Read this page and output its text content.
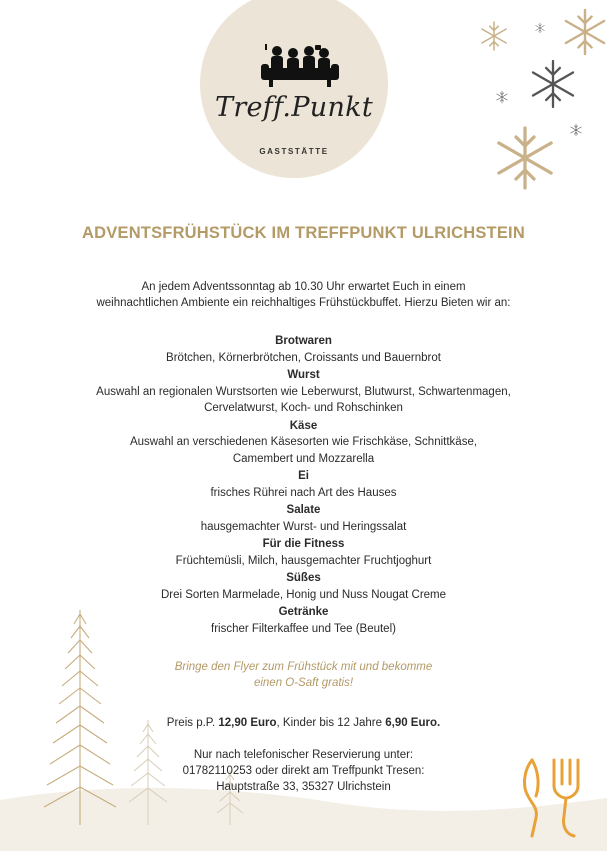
Treff.Punkt
GASTSTÄTTE
ADVENTSFRÜHSTÜCK IM TREFFPUNKT ULRICHSTEIN
An jedem Adventssonntag ab 10.30 Uhr erwartet Euch in einem
weihnachtlichen Ambiente ein reichhaltiges Frühstückbuffet. Hierzu Bieten wir an:
Brotwaren
Brötchen, Körnerbrötchen, Croissants und Bauernbrot
Wurst
Auswahl an regionalen Wurstsorten wie Leberwurst, Blutwurst, Schwartenmagen,
Cervelatwurst, Koch- und Rohschinken
Käse
Auswahl an verschiedenen Käsesorten wie Frischkäse, Schnittkäse,
Camembert und Mozzarella
Ei
frisches Rührei nach Art des Hauses
Salate
hausgemachter Wurst- und Heringssalat
Für die Fitness
Früchtemüsli, Milch, hausgemachter Fruchtjoghurt
Süßes
Drei Sorten Marmelade, Honig und Nuss Nougat Creme
Getränke
frischer Filterkaffee und Tee (Beutel)
Bringe den Flyer zum Frühstück mit und bekomme
einen O-Saft gratis!
Preis p.P. 12,90 Euro, Kinder bis 12 Jahre 6,90 Euro.
Nur nach telefonischer Reservierung unter:
01782110253 oder direkt am Treffpunkt Tresen:
Hauptstraße 33, 35327 Ulrichstein
